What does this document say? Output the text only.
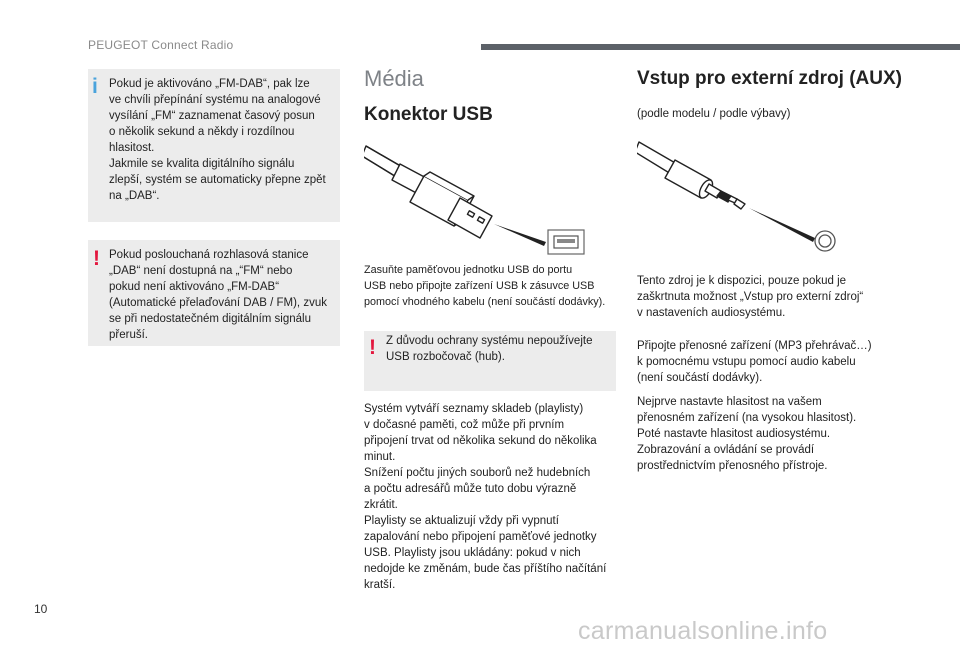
PEUGEOT Connect Radio
i Pokud je aktivováno „FM-DAB“, pak lze
ve chvíli přepínání systému na analogové
vysílání „FM“ zaznamenat časový posun
o několik sekund a někdy i rozdílnou
hlasitost.
Jakmile se kvalita digitálního signálu
zlepší, systém se automaticky přepne zpět
na „DAB“.
! Pokud poslouchaná rozhlasová stanice
„DAB“ není dostupná na „“FM“ nebo
pokud není aktivováno „FM-DAB“
(Automatické přelaďování DAB / FM), zvuk
se při nedostatečném digitálním signálu
přeruší.
Média
Konektor USB
Zasuňte paměťovou jednotku USB do portu
USB nebo připojte zařízení USB k zásuvce USB
pomocí vhodného kabelu (není součástí dodávky).
! Z důvodu ochrany systému nepoužívejte
USB rozbočovač (hub).
Systém vytváří seznamy skladeb (playlisty)
v dočasné paměti, což může při prvním
připojení trvat od několika sekund do několika
minut.
Snížení počtu jiných souborů než hudebních
a počtu adresářů může tuto dobu výrazně
zkrátit.
Playlisty se aktualizují vždy při vypnutí
zapalování nebo připojení paměťové jednotky
USB. Playlisty jsou ukládány: pokud v nich
nedojde ke změnám, bude čas příštího načítání
kratší.
Vstup pro externí zdroj (AUX)
(podle modelu / podle výbavy)
Tento zdroj je k dispozici, pouze pokud je
zaškrtnuta možnost „Vstup pro externí zdroj“
v nastaveních audiosystému.
Připojte přenosné zařízení (MP3 přehrávač…)
k pomocnému vstupu pomocí audio kabelu
(není součástí dodávky).
Nejprve nastavte hlasitost na vašem
přenosném zařízení (na vysokou hlasitost).
Poté nastavte hlasitost audiosystému.
Zobrazování a ovládání se provádí
prostřednictvím přenosného přístroje.
10
carmanualsonline.info
